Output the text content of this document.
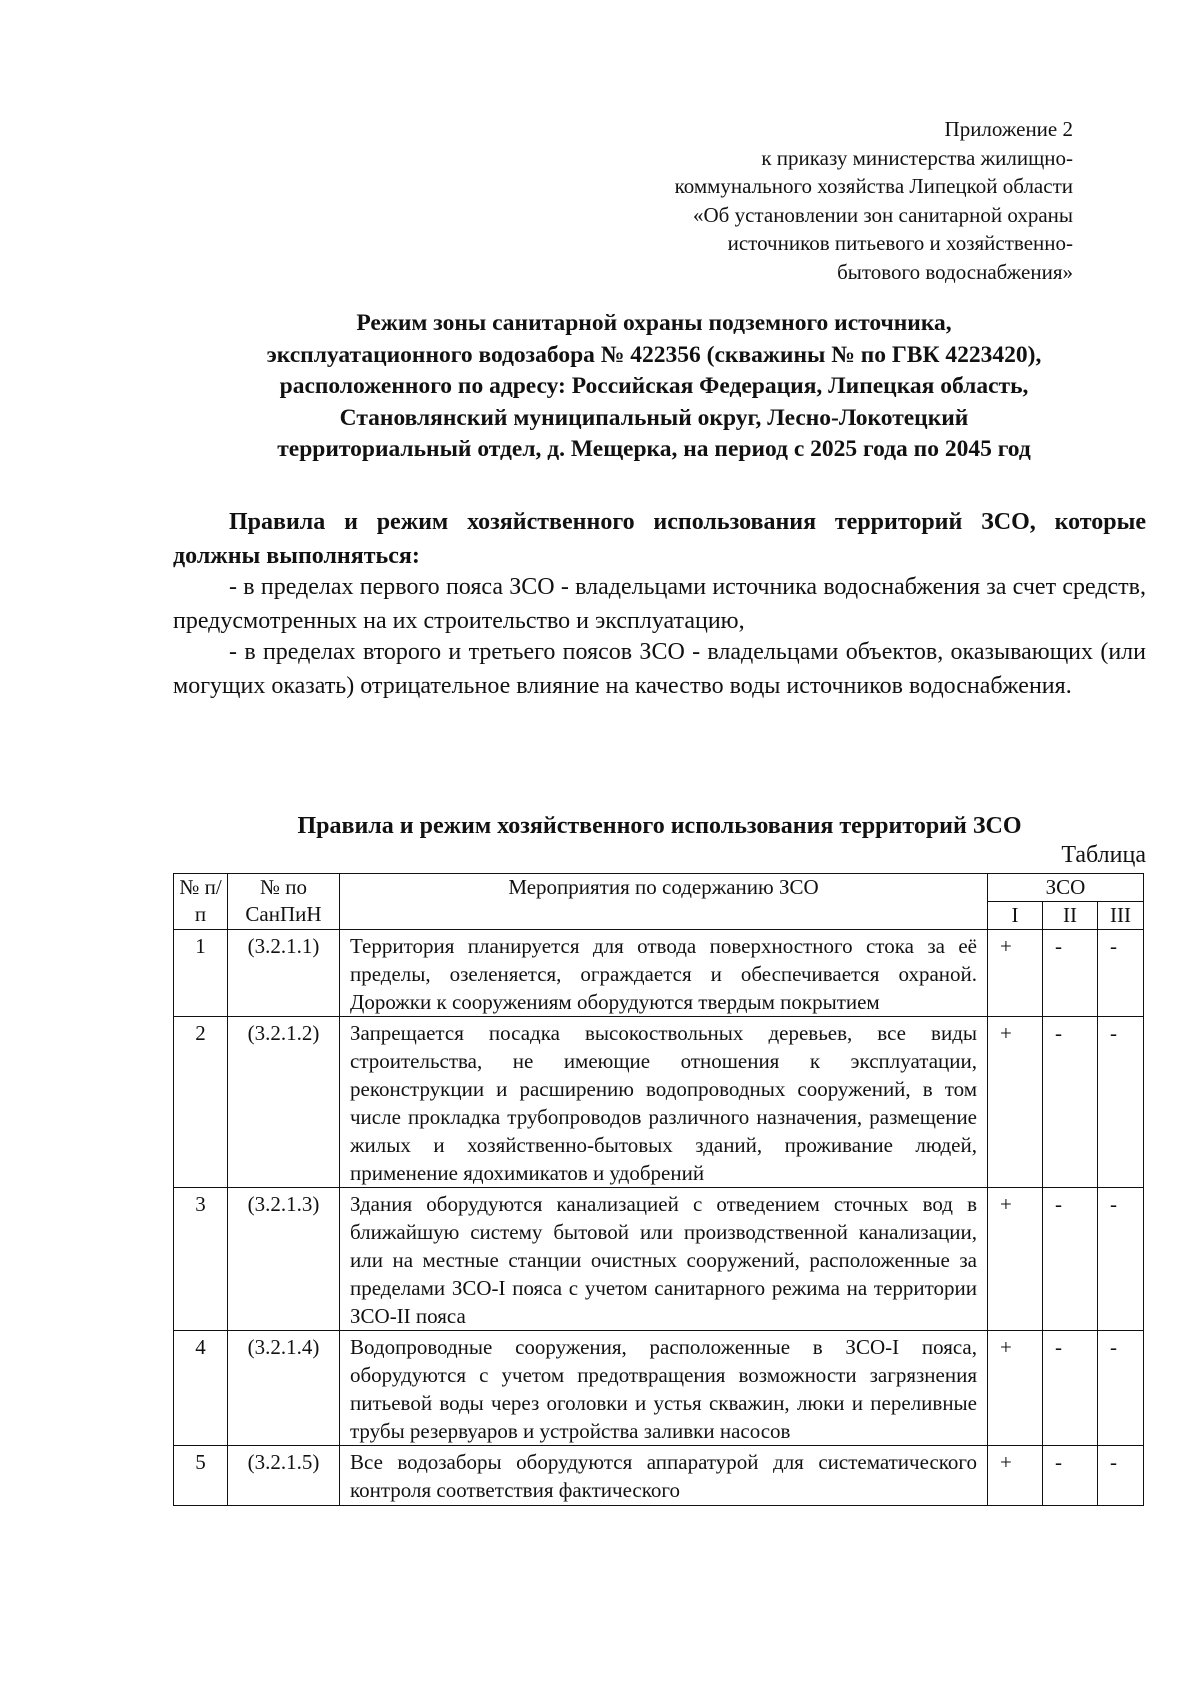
Приложение 2
к приказу министерства жилищно-
коммунального хозяйства Липецкой области
«Об установлении зон санитарной охраны
источников питьевого и хозяйственно-
бытового водоснабжения»
Режим зоны санитарной охраны подземного источника,
эксплуатационного водозабора № 422356 (скважины № по ГВК 4223420),
расположенного по адресу: Российская Федерация, Липецкая область,
Становлянский муниципальный округ, Лесно-Локотецкий
территориальный отдел, д. Мещерка, на период с 2025 года по 2045 год

Правила и режим хозяйственного использования территорий ЗСО, которые должны выполняться:

- в пределах первого пояса ЗСО - владельцами источника водоснабжения за счет средств, предусмотренных на их строительство и эксплуатацию,

- в пределах второго и третьего поясов ЗСО - владельцами объектов, оказывающих (или могущих оказать) отрицательное влияние на качество воды источников водоснабжения.

Правила и режим хозяйственного использования территорий ЗСО
Таблица
№ п/п	№ по СанПиН	Мероприятия по содержанию ЗСО	ЗСО		
			I	II	III
1	(3.2.1.1)	Территория планируется для отвода поверхностного стока за её пределы, озеленяется, ограждается и обеспечивается охраной. Дорожки к сооружениям оборудуются твердым покрытием	+	-	-
2	(3.2.1.2)	Запрещается посадка высокоствольных деревьев, все виды строительства, не имеющие отношения к эксплуатации, реконструкции и расширению водопроводных сооружений, в том числе прокладка трубопроводов различного назначения, размещение жилых и хозяйственно-бытовых зданий, проживание людей, применение ядохимикатов и удобрений	+	-	-
3	(3.2.1.3)	Здания оборудуются канализацией с отведением сточных вод в ближайшую систему бытовой или производственной канализации, или на местные станции очистных сооружений, расположенные за пределами ЗСО-I пояса с учетом санитарного режима на территории ЗСО-II пояса	+	-	-
4	(3.2.1.4)	Водопроводные сооружения, расположенные в ЗСО-I пояса, оборудуются с учетом предотвращения возможности загрязнения питьевой воды через оголовки и устья скважин, люки и переливные трубы резервуаров и устройства заливки насосов	+	-	-
5	(3.2.1.5)	Все водозаборы оборудуются аппаратурой для систематического контроля соответствия фактического	+	-	-
